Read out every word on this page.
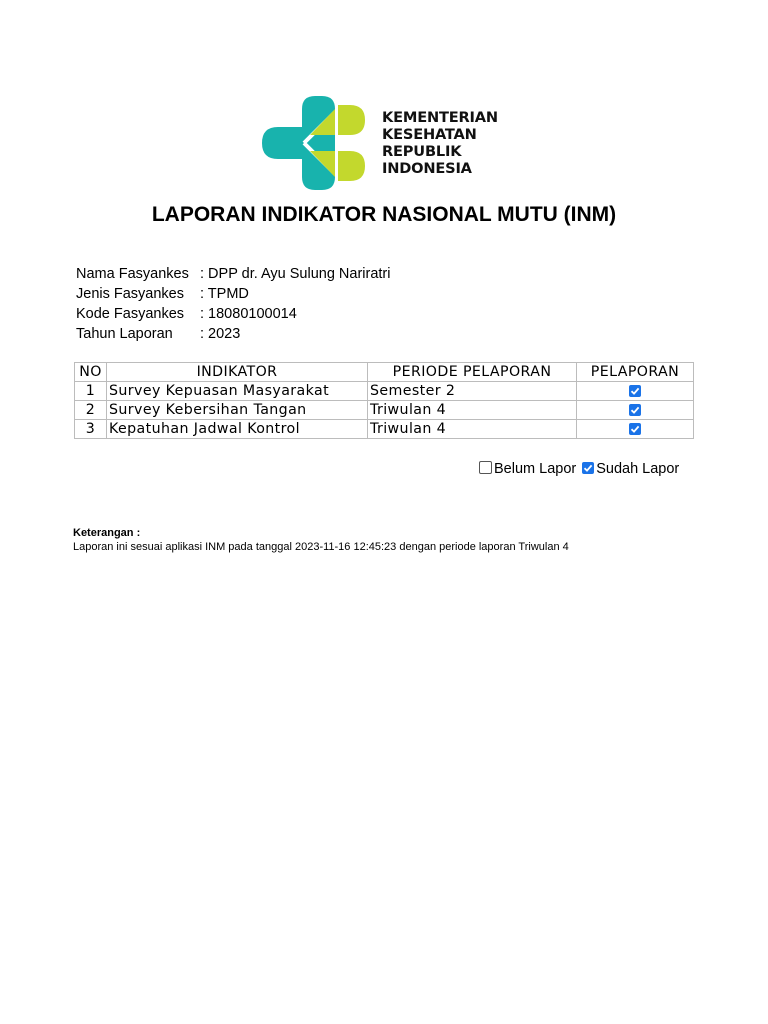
KEMENTERIAN
KESEHATAN
REPUBLIK
INDONESIA
LAPORAN INDIKATOR NASIONAL MUTU (INM)
Nama Fasyankes : DPP dr. Ayu Sulung Nariratri
Jenis Fasyankes : TPMD
Kode Fasyankes : 18080100014
Tahun Laporan : 2023
NO	INDIKATOR	PERIODE PELAPORAN	PELAPORAN
1	Survey Kepuasan Masyarakat	Semester 2	

2	Survey Kebersihan Tangan	Triwulan 4	

3	Kepatuhan Jadwal Kontrol	Triwulan 4	
Belum Lapor Sudah Lapor
Keterangan :
Laporan ini sesuai aplikasi INM pada tanggal 2023-11-16 12:45:23 dengan periode laporan Triwulan 4
